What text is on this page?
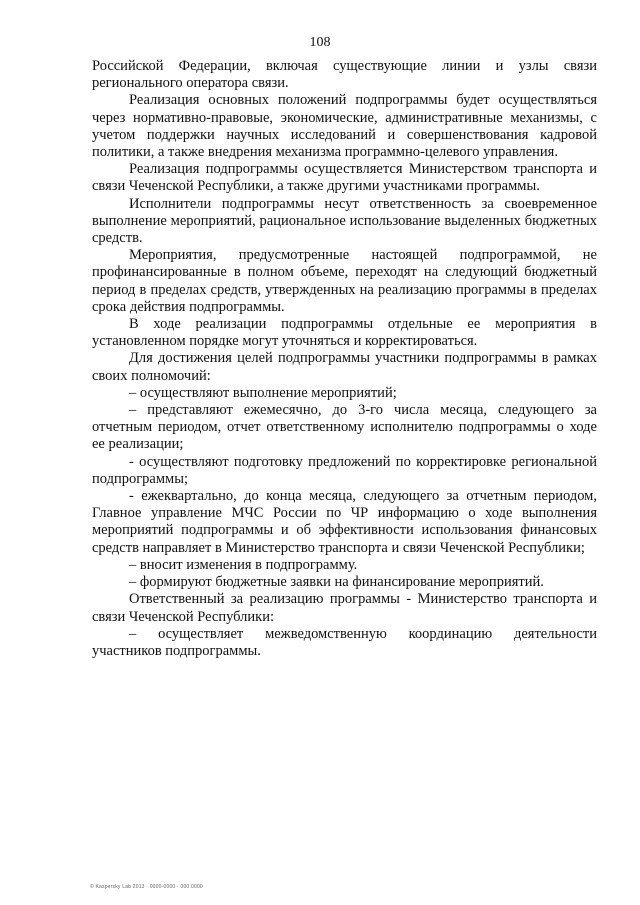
108

Российской Федерации, включая существующие линии и узлы связи регионального оператора связи.

Реализация основных положений подпрограммы будет осуществляться через нормативно-правовые, экономические, административные механизмы, с учетом поддержки научных исследований и совершенствования кадровой политики, а также внедрения механизма программно-целевого управления.

Реализация подпрограммы осуществляется Министерством транспорта и связи Чеченской Республики, а также другими участниками программы.

Исполнители подпрограммы несут ответственность за своевременное выполнение мероприятий, рациональное использование выделенных бюджетных средств.

Мероприятия, предусмотренные настоящей подпрограммой, не профинансированные в полном объеме, переходят на следующий бюджетный период в пределах средств, утвержденных на реализацию программы в пределах срока действия подпрограммы.

В ходе реализации подпрограммы отдельные ее мероприятия в установленном порядке могут уточняться и корректироваться.

Для достижения целей подпрограммы участники подпрограммы в рамках своих полномочий:

– осуществляют выполнение мероприятий;

– представляют ежемесячно, до 3-го числа месяца, следующего за отчетным периодом, отчет ответственному исполнителю подпрограммы о ходе ее реализации;

- осуществляют подготовку предложений по корректировке региональной подпрограммы;

- ежеквартально, до конца месяца, следующего за отчетным периодом, Главное управление МЧС России по ЧР информацию о ходе выполнения мероприятий подпрограммы и об эффективности использования финансовых средств направляет в Министерство транспорта и связи Чеченской Республики;

– вносит изменения в подпрограмму.

– формируют бюджетные заявки на финансирование мероприятий.

Ответственный за реализацию программы - Министерство транспорта и связи Чеченской Республики:

– осуществляет межведомственную координацию деятельности участников подпрограммы.

© Kaspersky Lab 2013 · 0000-0000 · 000 0000
